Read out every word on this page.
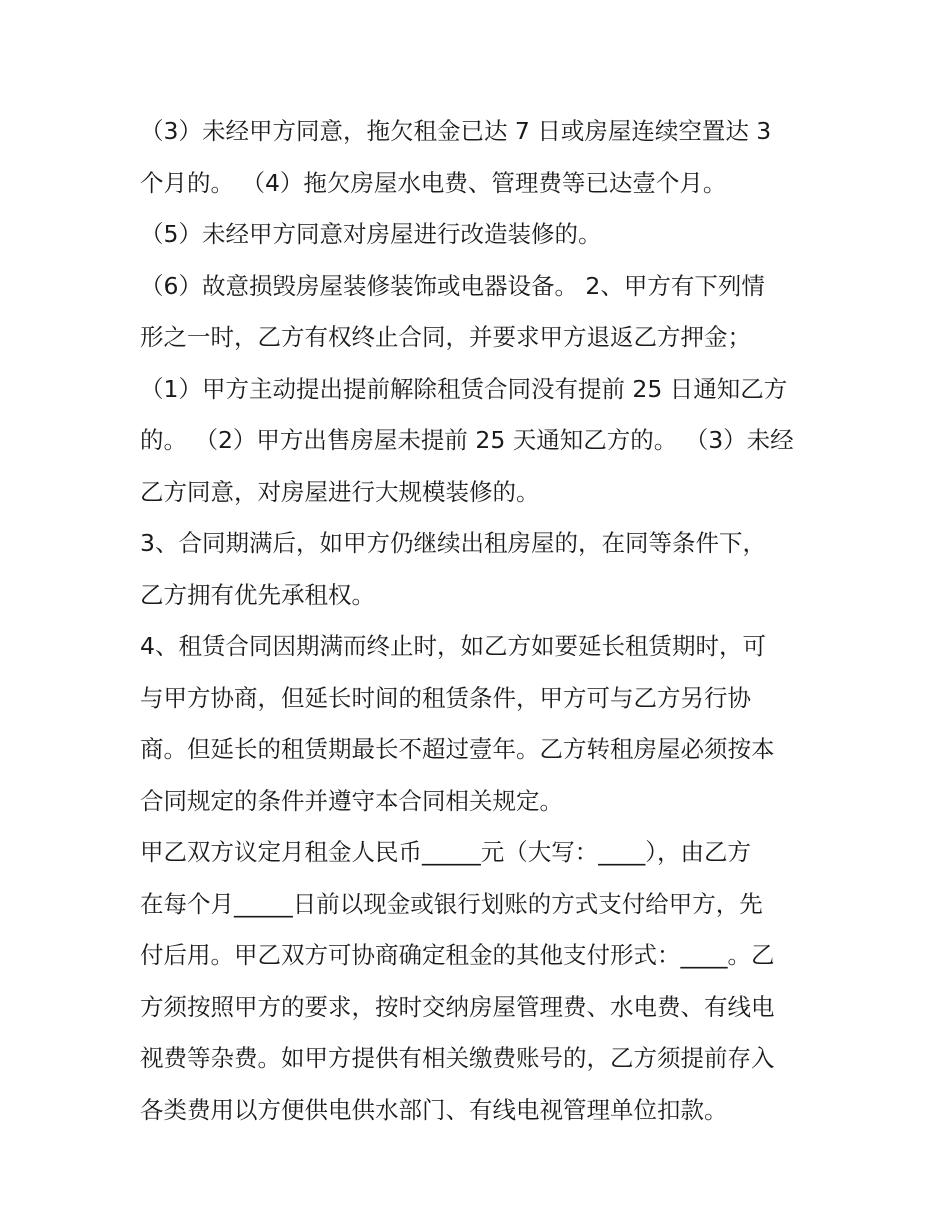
（3）未经甲方同意，拖欠租金已达 7 日或房屋连续空置达 3
个月的。 （4）拖欠房屋水电费、管理费等已达壹个月。
（5）未经甲方同意对房屋进行改造装修的。
（6）故意损毁房屋装修装饰或电器设备。 2、甲方有下列情
形之一时，乙方有权终止合同，并要求甲方退返乙方押金；
（1）甲方主动提出提前解除租赁合同没有提前 25 日通知乙方
的。 （2）甲方出售房屋未提前 25 天通知乙方的。 （3）未经
乙方同意，对房屋进行大规模装修的。
3、合同期满后，如甲方仍继续出租房屋的，在同等条件下，
乙方拥有优先承租权。
4、租赁合同因期满而终止时，如乙方如要延长租赁期时，可
与甲方协商，但延长时间的租赁条件，甲方可与乙方另行协
商。但延长的租赁期最长不超过壹年。乙方转租房屋必须按本
合同规定的条件并遵守本合同相关规定。
甲乙双方议定月租金人民币_____元（大写：____），由乙方
在每个月_____日前以现金或银行划账的方式支付给甲方，先
付后用。甲乙双方可协商确定租金的其他支付形式：____。乙
方须按照甲方的要求，按时交纳房屋管理费、水电费、有线电
视费等杂费。如甲方提供有相关缴费账号的，乙方须提前存入
各类费用以方便供电供水部门、有线电视管理单位扣款。
